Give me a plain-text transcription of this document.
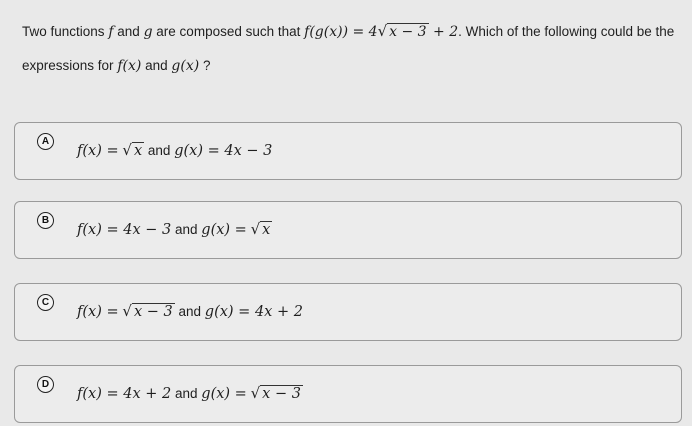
Two functions f and g are composed such that f(g(x)) = 4√ x − 3 + 2. Which of the following could be the expressions for f(x) and g(x) ?
A
f(x) = √ x and g(x) = 4x − 3
B
f(x) = 4x − 3 and g(x) = √ x
C
f(x) = √ x − 3 and g(x) = 4x + 2
D
f(x) = 4x + 2 and g(x) = √ x − 3
